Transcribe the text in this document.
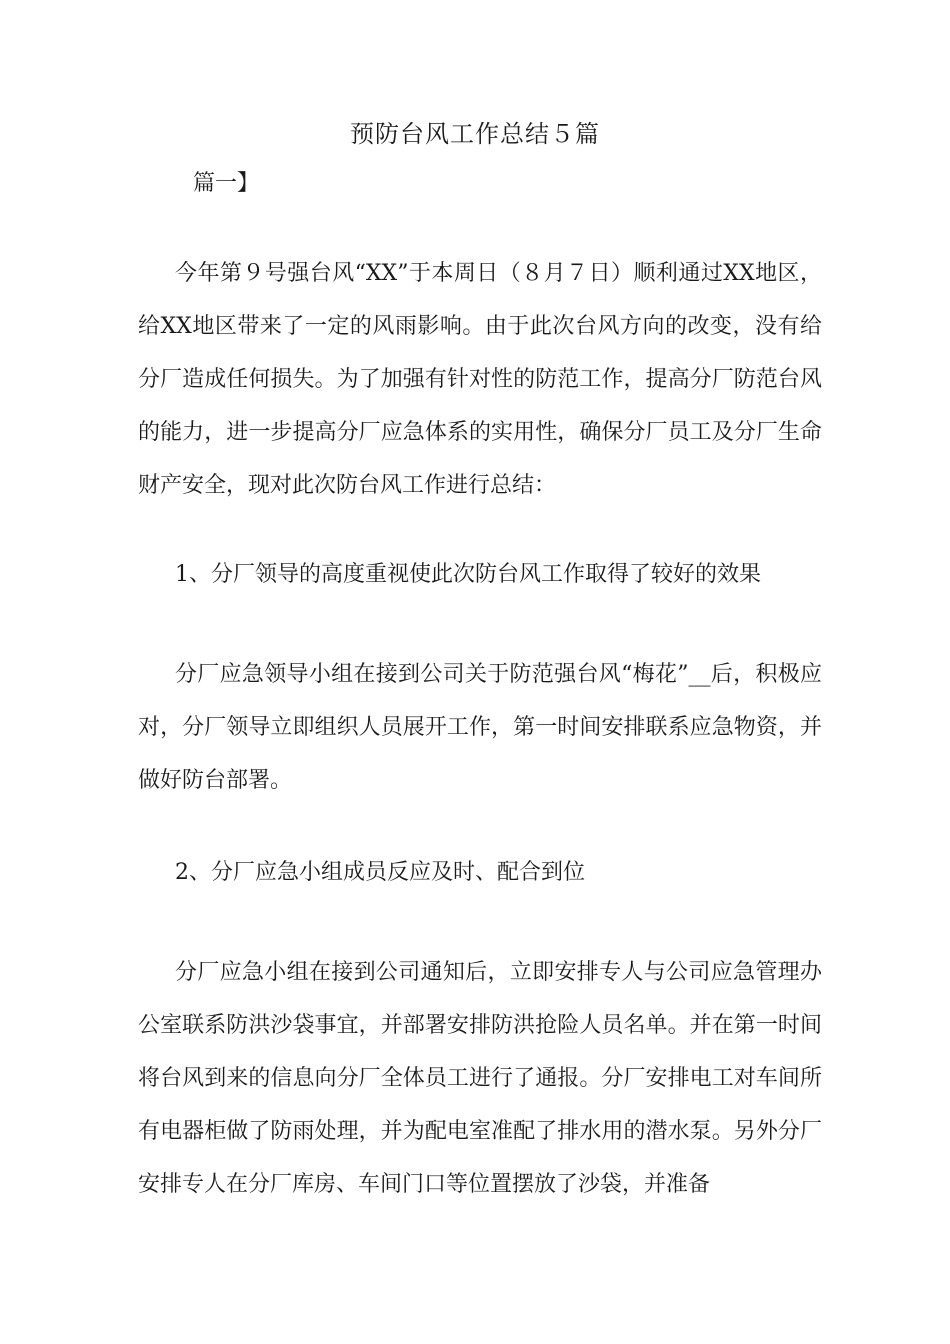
预防台风工作总结５篇
篇一】

今年第９号强台风“XX”于本周日（８月７日）顺利通过XX地区，给XX地区带来了一定的风雨影响。由于此次台风方向的改变，没有给分厂造成任何损失。为了加强有针对性的防范工作，提高分厂防范台风的能力，进一步提高分厂应急体系的实用性，确保分厂员工及分厂生命财产安全，现对此次防台风工作进行总结：

1、分厂领导的高度重视使此次防台风工作取得了较好的效果

分厂应急领导小组在接到公司关于防范强台风“梅花”__后，积极应对，分厂领导立即组织人员展开工作，第一时间安排联系应急物资，并做好防台部署。

2、分厂应急小组成员反应及时、配合到位

分厂应急小组在接到公司通知后，立即安排专人与公司应急管理办公室联系防洪沙袋事宜，并部署安排防洪抢险人员名单。并在第一时间将台风到来的信息向分厂全体员工进行了通报。分厂安排电工对车间所有电器柜做了防雨处理，并为配电室准配了排水用的潜水泵。另外分厂安排专人在分厂库房、车间门口等位置摆放了沙袋，并准备
